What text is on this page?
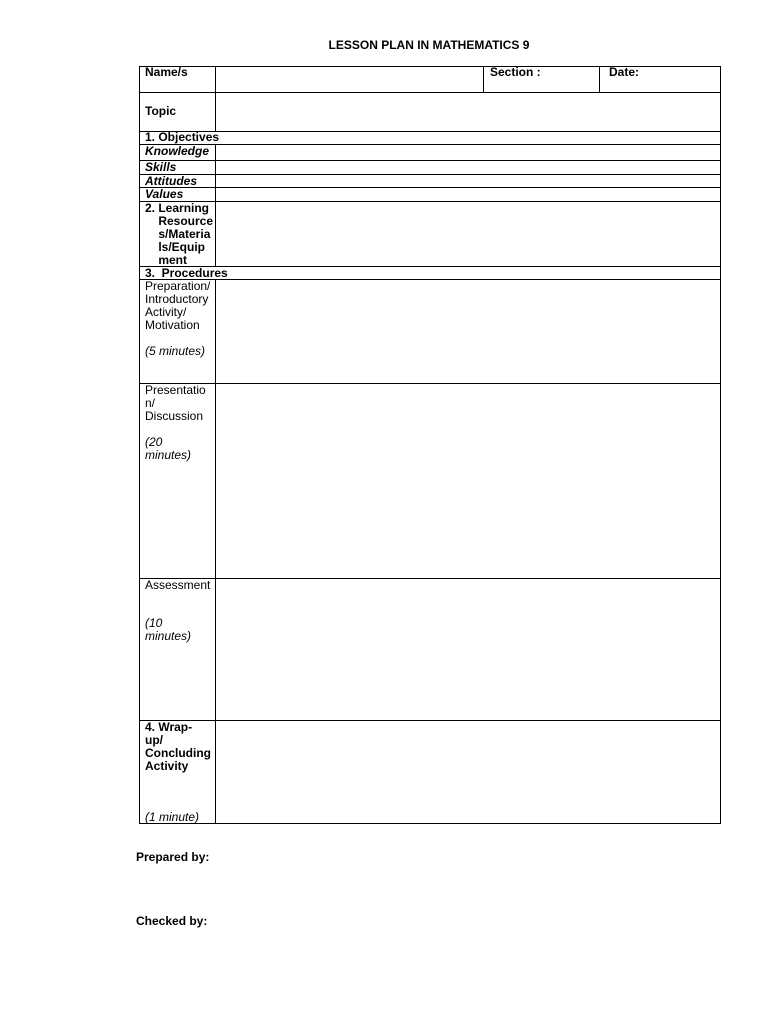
LESSON PLAN IN MATHEMATICS 9
Name/s	Section :	Date:
Topic
1. Objectives
Knowledge
Skills
Attitudes
Values
2. Learning
Resource
s/Materia
ls/Equip
ment
3.  Procedures
Preparation/
Introductory
Activity/
Motivation
(5 minutes)
Presentatio
n/
Discussion
(20
minutes)
Assessment
(10
minutes)
4. Wrap-
up/
Concluding
Activity
(1 minute)
Prepared by:
Checked by:
